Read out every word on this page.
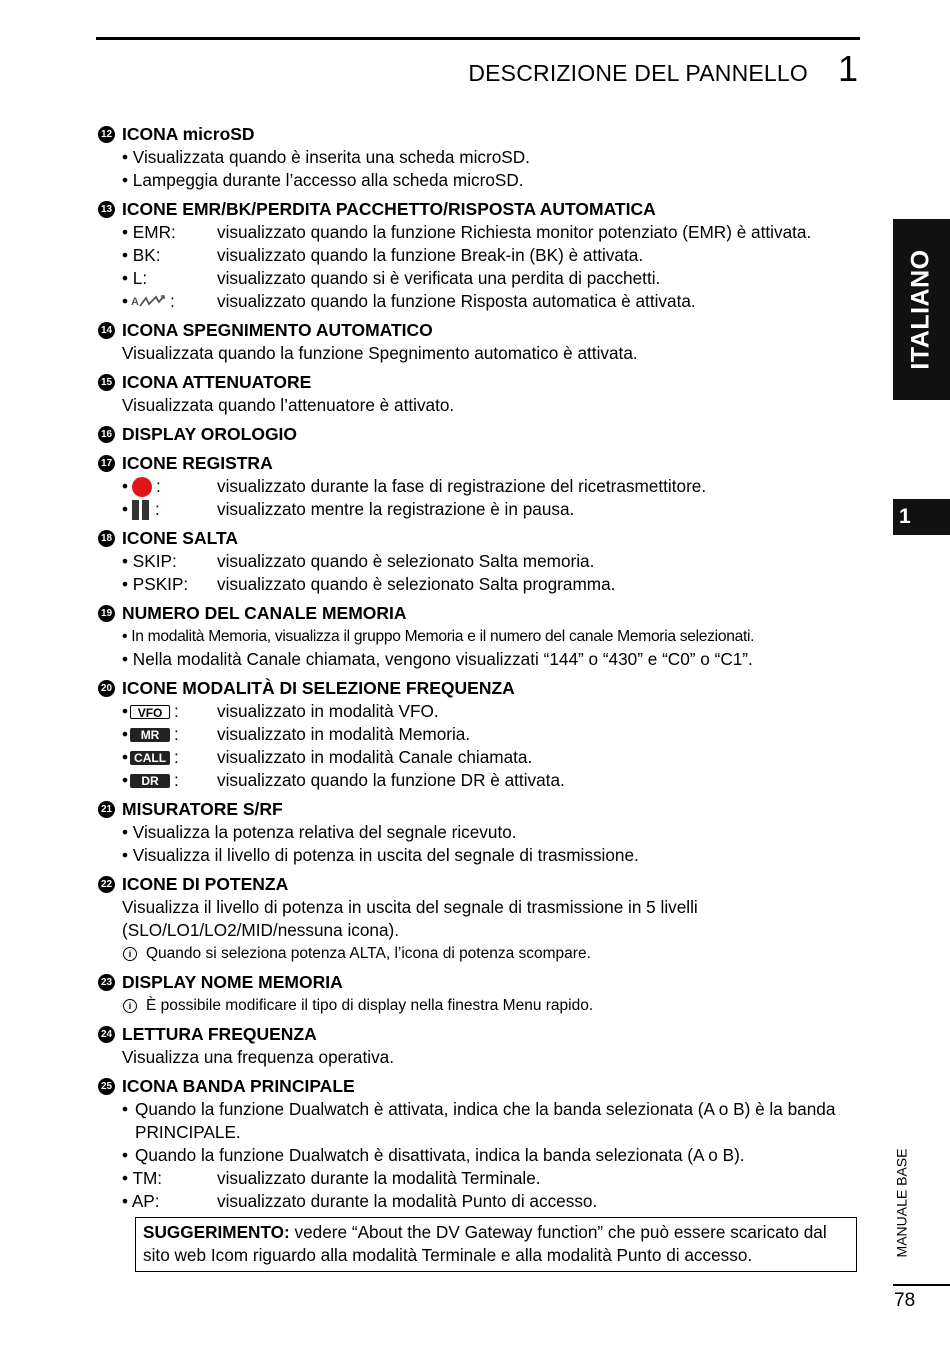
DESCRIZIONE DEL PANNELLO 1
12 ICONA microSD
• Visualizzata quando è inserita una scheda microSD.
• Lampeggia durante l’accesso alla scheda microSD.
13 ICONE EMR/BK/PERDITA PACCHETTO/RISPOSTA AUTOMATICA
• EMR:	visualizzato quando la funzione Richiesta monitor potenziato (EMR) è attivata.
• BK:	visualizzato quando la funzione Break-in (BK) è attivata.
• L:	visualizzato quando si è verificata una perdita di pacchetti.
• A : visualizzato quando la funzione Risposta automatica è attivata.
14 ICONA SPEGNIMENTO AUTOMATICO
Visualizzata quando la funzione Spegnimento automatico è attivata.
15 ICONA ATTENUATORE
Visualizzata quando l’attenuatore è attivato.
16 DISPLAY OROLOGIO
17 ICONE REGISTRA
• :	visualizzato durante la fase di registrazione del ricetrasmettitore.
• :	visualizzato mentre la registrazione è in pausa.
18 ICONE SALTA
• SKIP:	visualizzato quando è selezionato Salta memoria.
• PSKIP:	visualizzato quando è selezionato Salta programma.
19 NUMERO DEL CANALE MEMORIA
• In modalità Memoria, visualizza il gruppo Memoria e il numero del canale Memoria selezionati.
• Nella modalità Canale chiamata, vengono visualizzati “144” o “430” e “C0” o “C1”.
20 ICONE MODALITÀ DI SELEZIONE FREQUENZA
• VFO : visualizzato in modalità VFO.
•	MR : visualizzato in modalità Memoria.
• CALL : visualizzato in modalità Canale chiamata.
•	DR : visualizzato quando la funzione DR è attivata.
21 MISURATORE S/RF
• Visualizza la potenza relativa del segnale ricevuto.
• Visualizza il livello di potenza in uscita del segnale di trasmissione.
22 ICONE DI POTENZA
Visualizza il livello di potenza in uscita del segnale di trasmissione in 5 livelli
(SLO/LO1/LO2/MID/nessuna icona).
i Quando si seleziona potenza ALTA, l’icona di potenza scompare.
23 DISPLAY NOME MEMORIA
i È possibile modificare il tipo di display nella finestra Menu rapido.
24 LETTURA FREQUENZA
Visualizza una frequenza operativa.
25 ICONA BANDA PRINCIPALE
• Quando la funzione Dualwatch è attivata, indica che la banda selezionata (A o B) è la banda PRINCIPALE.
• Quando la funzione Dualwatch è disattivata, indica la banda selezionata (A o B).
• TM:	visualizzato durante la modalità Terminale.
• AP:	visualizzato durante la modalità Punto di accesso.
SUGGERIMENTO: vedere “About the DV Gateway function” che può essere scaricato dal sito web Icom riguardo alla modalità Terminale e alla modalità Punto di accesso.
ITALIANO
1
MANUALE BASE
78
